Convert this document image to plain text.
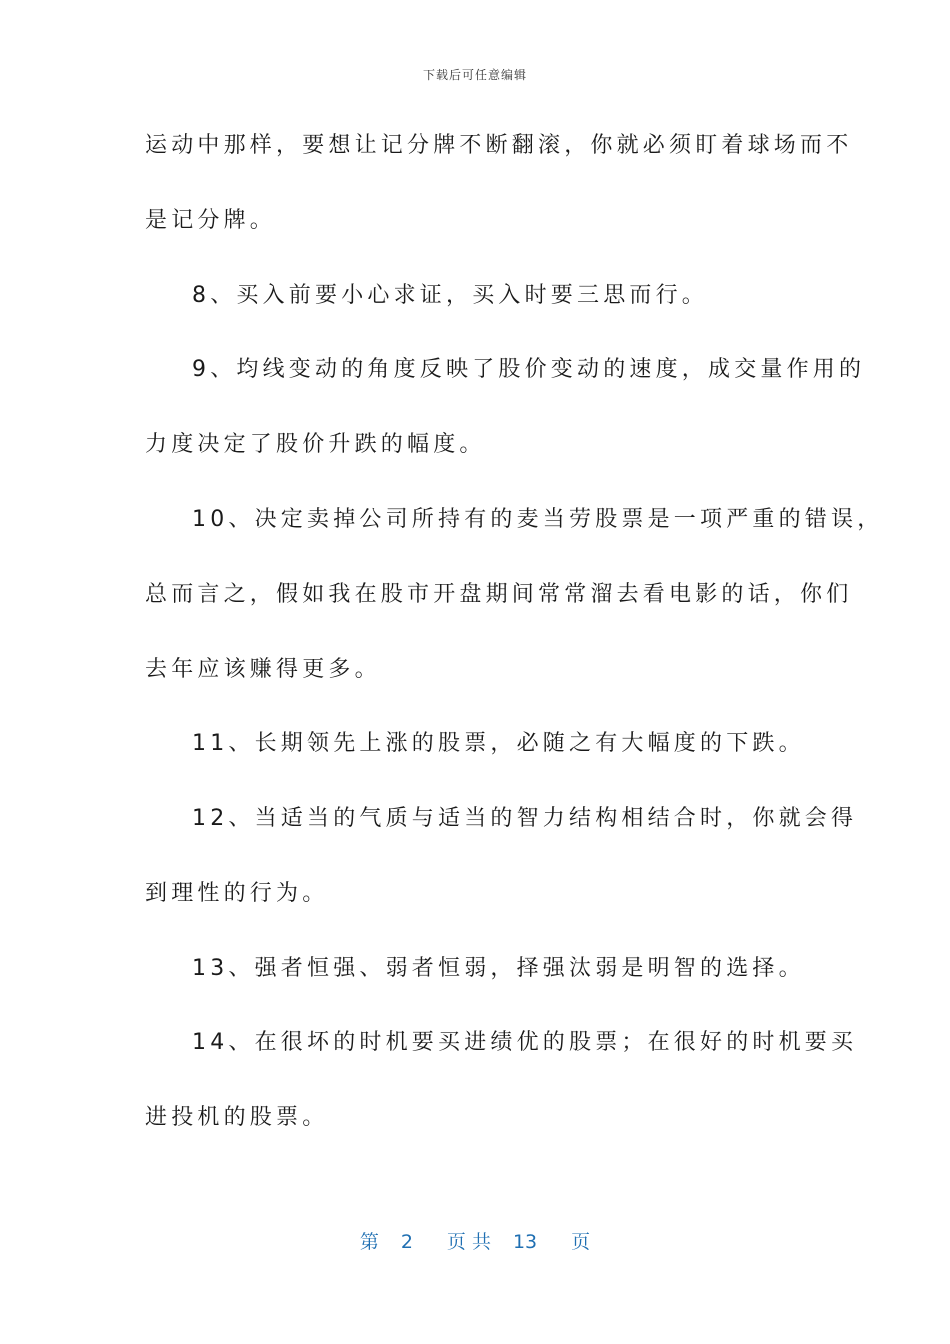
下载后可任意编辑
运动中那样，要想让记分牌不断翻滚，你就必须盯着球场而不
是记分牌。
8、买入前要小心求证，买入时要三思而行。
9、均线变动的角度反映了股价变动的速度，成交量作用的
力度决定了股价升跌的幅度。
10、决定卖掉公司所持有的麦当劳股票是一项严重的错误，
总而言之，假如我在股市开盘期间常常溜去看电影的话，你们
去年应该赚得更多。
11、长期领先上涨的股票，必随之有大幅度的下跌。
12、当适当的气质与适当的智力结构相结合时，你就会得
到理性的行为。
13、强者恒强、弱者恒弱，择强汰弱是明智的选择。
14、在很坏的时机要买进绩优的股票；在很好的时机要买
进投机的股票。
第 2 页 共 13 页
